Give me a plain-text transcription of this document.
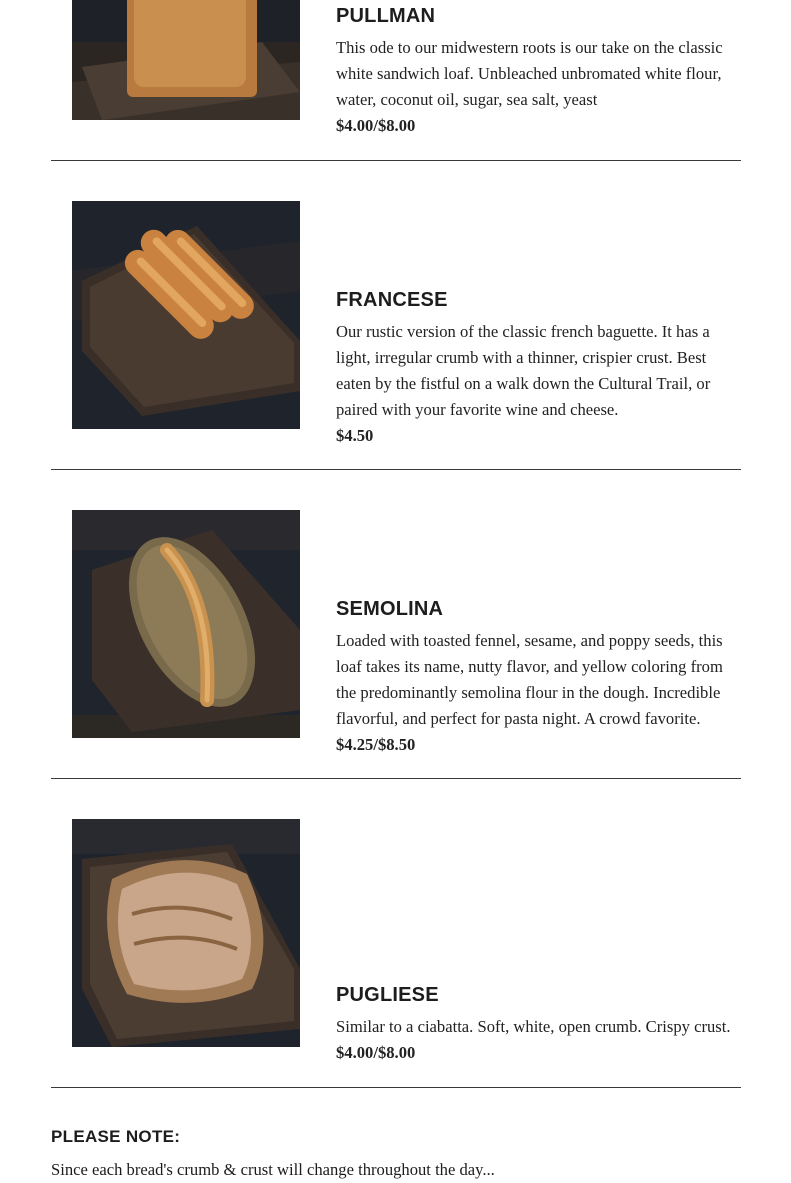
PULLMAN

This ode to our midwestern roots is our take on the classic white sandwich loaf. Unbleached unbromated white flour, water, coconut oil, sugar, sea salt, yeast
$4.00/$8.00

FRANCESE

Our rustic version of the classic french baguette. It has a light, irregular crumb with a thinner, crispier crust. Best eaten by the fistful on a walk down the Cultural Trail, or paired with your favorite wine and cheese.
$4.50

SEMOLINA

Loaded with toasted fennel, sesame, and poppy seeds, this loaf takes its name, nutty flavor, and yellow coloring from the predominantly semolina flour in the dough. Incredible flavorful, and perfect for pasta night. A crowd favorite. $4.25/$8.50

PUGLIESE

Similar to a ciabatta. Soft, white, open crumb. Crispy crust. $4.00/$8.00

PLEASE NOTE:

Since each bread's crumb & crust will change throughout the day...
